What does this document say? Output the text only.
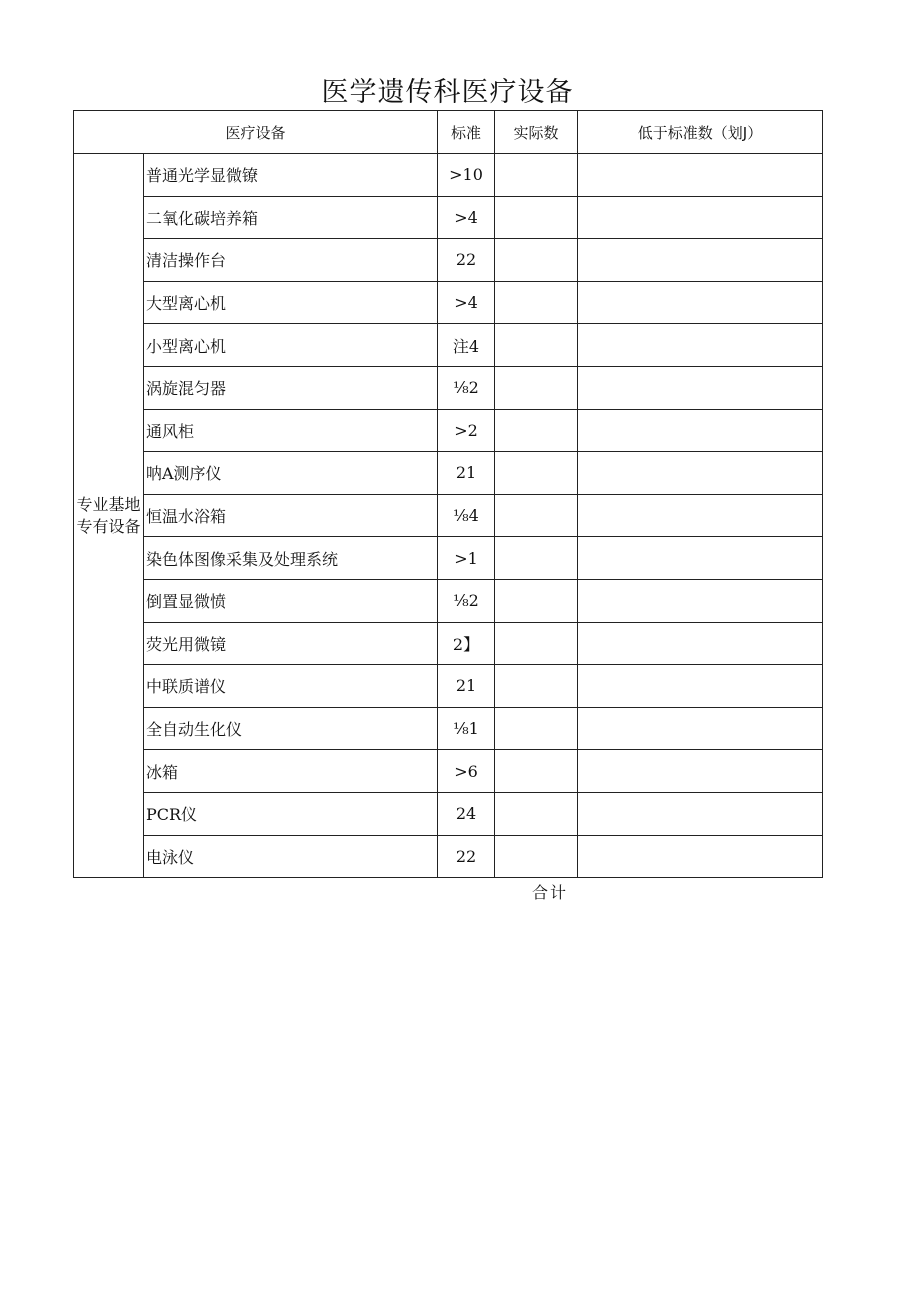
医学遗传科医疗设备
医疗设备		标准	实际数	低于标准数（划J）
专业基地专有设备	普通光学显微镣	>10		
	二氧化碳培养箱	>4		
	清洁操作台	22		
	大型离心机	>4		
	小型离心机	注4		
	涡旋混匀器	⅛2		
	通风柜	>2		
	呐A测序仪	21		
	恒温水浴箱	⅛4		
	染色体图像采集及处理系统	>1		
	倒置显微愤	⅛2		
	荧光用微镜	2】		
	中联质谱仪	21		
	全自动生化仪	⅛1		
	冰箱	>6		
	PCR仪	24		
	电泳仪	22		
合计
